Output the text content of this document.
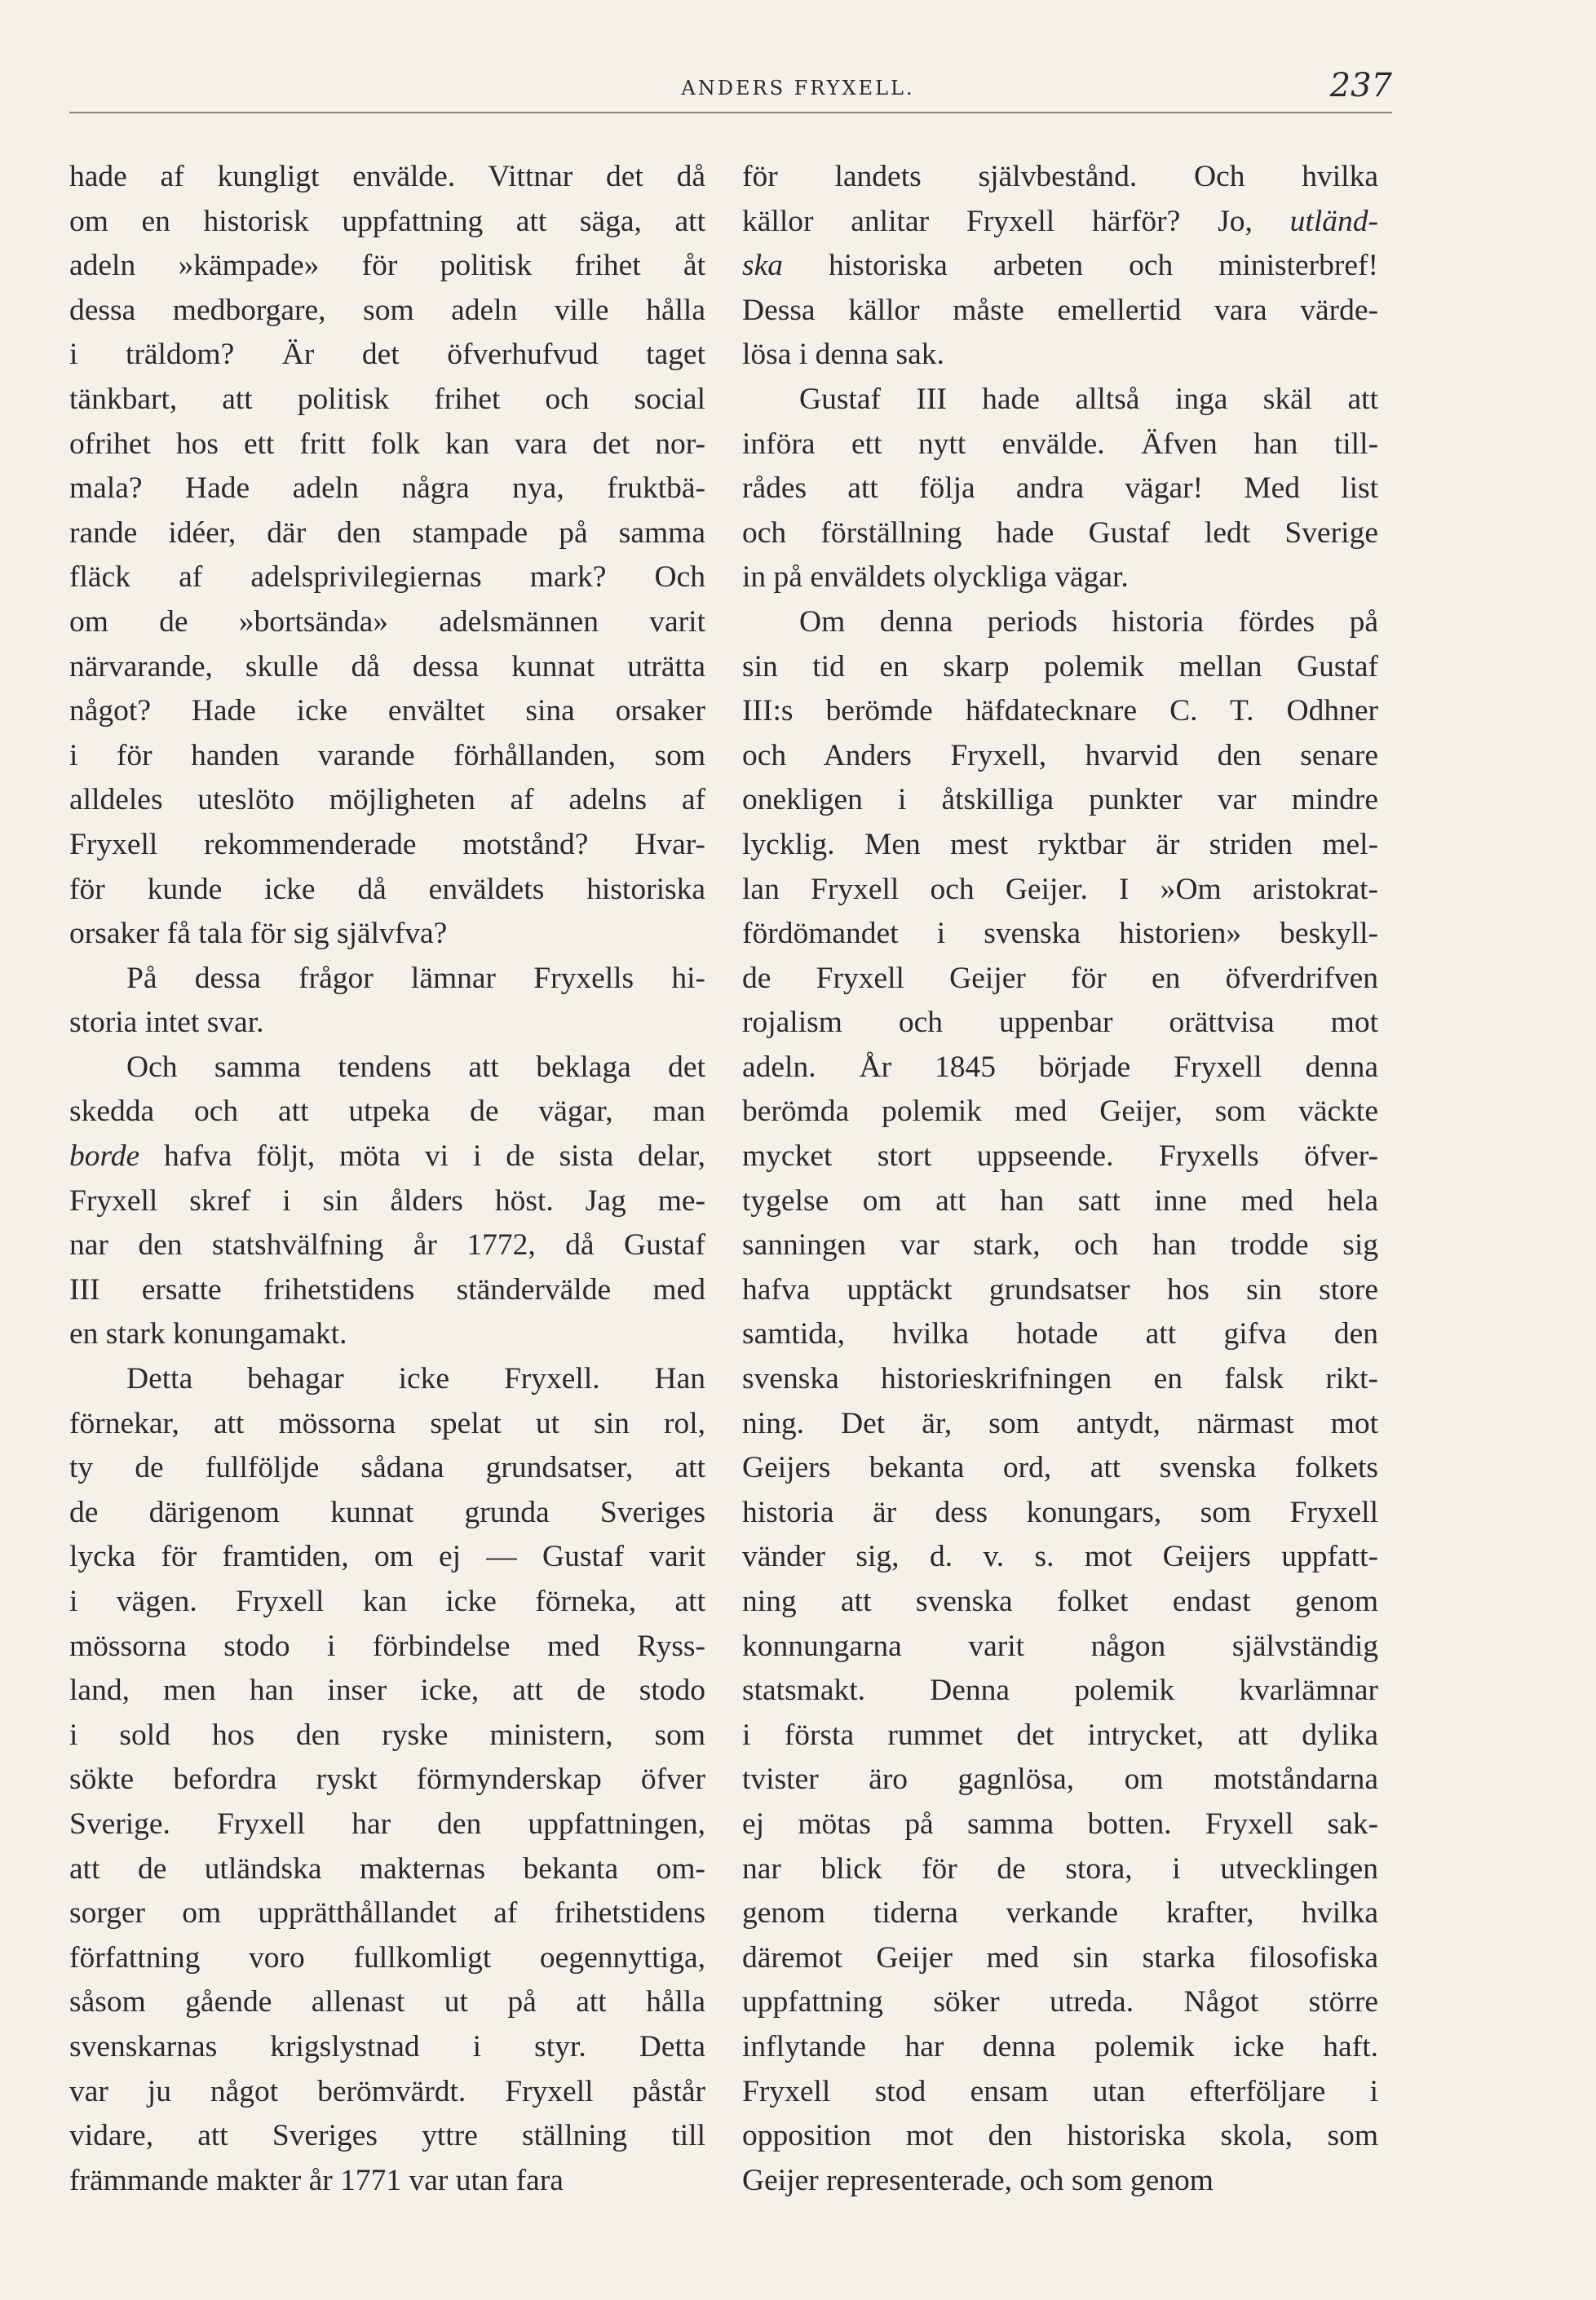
ANDERS FRYXELL.	237
hade af kungligt envälde. Vittnar det då
om en historisk uppfattning att säga, att
adeln »kämpade» för politisk frihet åt
dessa medborgare, som adeln ville hålla
i träldom? Är det öfverhufvud taget
tänkbart, att politisk frihet och social
ofrihet hos ett fritt folk kan vara det nor-
mala? Hade adeln några nya, fruktbä-
rande idéer, där den stampade på samma
fläck af adelsprivilegiernas mark? Och
om de »bortsända» adelsmännen varit
närvarande, skulle då dessa kunnat uträtta
något? Hade icke envältet sina orsaker
i för handen varande förhållanden, som
alldeles uteslöto möjligheten af adelns af
Fryxell rekommenderade motstånd? Hvar-
för kunde icke då enväldets historiska
orsaker få tala för sig självfva?
På dessa frågor lämnar Fryxells hi-
storia intet svar.
Och samma tendens att beklaga det
skedda och att utpeka de vägar, man
borde hafva följt, möta vi i de sista delar,
Fryxell skref i sin ålders höst. Jag me-
nar den statshvälfning år 1772, då Gustaf
III ersatte frihetstidens ständervälde med
en stark konungamakt.
Detta behagar icke Fryxell. Han
förnekar, att mössorna spelat ut sin rol,
ty de fullföljde sådana grundsatser, att
de därigenom kunnat grunda Sveriges
lycka för framtiden, om ej — Gustaf varit
i vägen. Fryxell kan icke förneka, att
mössorna stodo i förbindelse med Ryss-
land, men han inser icke, att de stodo
i sold hos den ryske ministern, som
sökte befordra ryskt förmynderskap öfver
Sverige. Fryxell har den uppfattningen,
att de utländska makternas bekanta om-
sorger om upprätthållandet af frihetstidens
författning voro fullkomligt oegennyttiga,
såsom gående allenast ut på att hålla
svenskarnas krigslystnad i styr. Detta
var ju något berömvärdt. Fryxell påstår
vidare, att Sveriges yttre ställning till
främmande makter år 1771 var utan fara
för landets självbestånd. Och hvilka
källor anlitar Fryxell härför? Jo, utländ-
ska historiska arbeten och ministerbref!
Dessa källor måste emellertid vara värde-
lösa i denna sak.
Gustaf III hade alltså inga skäl att
införa ett nytt envälde. Äfven han till-
rådes att följa andra vägar! Med list
och förställning hade Gustaf ledt Sverige
in på enväldets olyckliga vägar.
Om denna periods historia fördes på
sin tid en skarp polemik mellan Gustaf
III:s berömde häfdatecknare C. T. Odhner
och Anders Fryxell, hvarvid den senare
onekligen i åtskilliga punkter var mindre
lycklig. Men mest ryktbar är striden mel-
lan Fryxell och Geijer. I »Om aristokrat-
fördömandet i svenska historien» beskyll-
de Fryxell Geijer för en öfverdrifven
rojalism och uppenbar orättvisa mot
adeln. År 1845 började Fryxell denna
berömda polemik med Geijer, som väckte
mycket stort uppseende. Fryxells öfver-
tygelse om att han satt inne med hela
sanningen var stark, och han trodde sig
hafva upptäckt grundsatser hos sin store
samtida, hvilka hotade att gifva den
svenska historieskrifningen en falsk rikt-
ning. Det är, som antydt, närmast mot
Geijers bekanta ord, att svenska folkets
historia är dess konungars, som Fryxell
vänder sig, d. v. s. mot Geijers uppfatt-
ning att svenska folket endast genom
konnungarna varit någon självständig
statsmakt. Denna polemik kvarlämnar
i första rummet det intrycket, att dylika
tvister äro gagnlösa, om motståndarna
ej mötas på samma botten. Fryxell sak-
nar blick för de stora, i utvecklingen
genom tiderna verkande krafter, hvilka
däremot Geijer med sin starka filosofiska
uppfattning söker utreda. Något större
inflytande har denna polemik icke haft.
Fryxell stod ensam utan efterföljare i
opposition mot den historiska skola, som
Geijer representerade, och som genom
